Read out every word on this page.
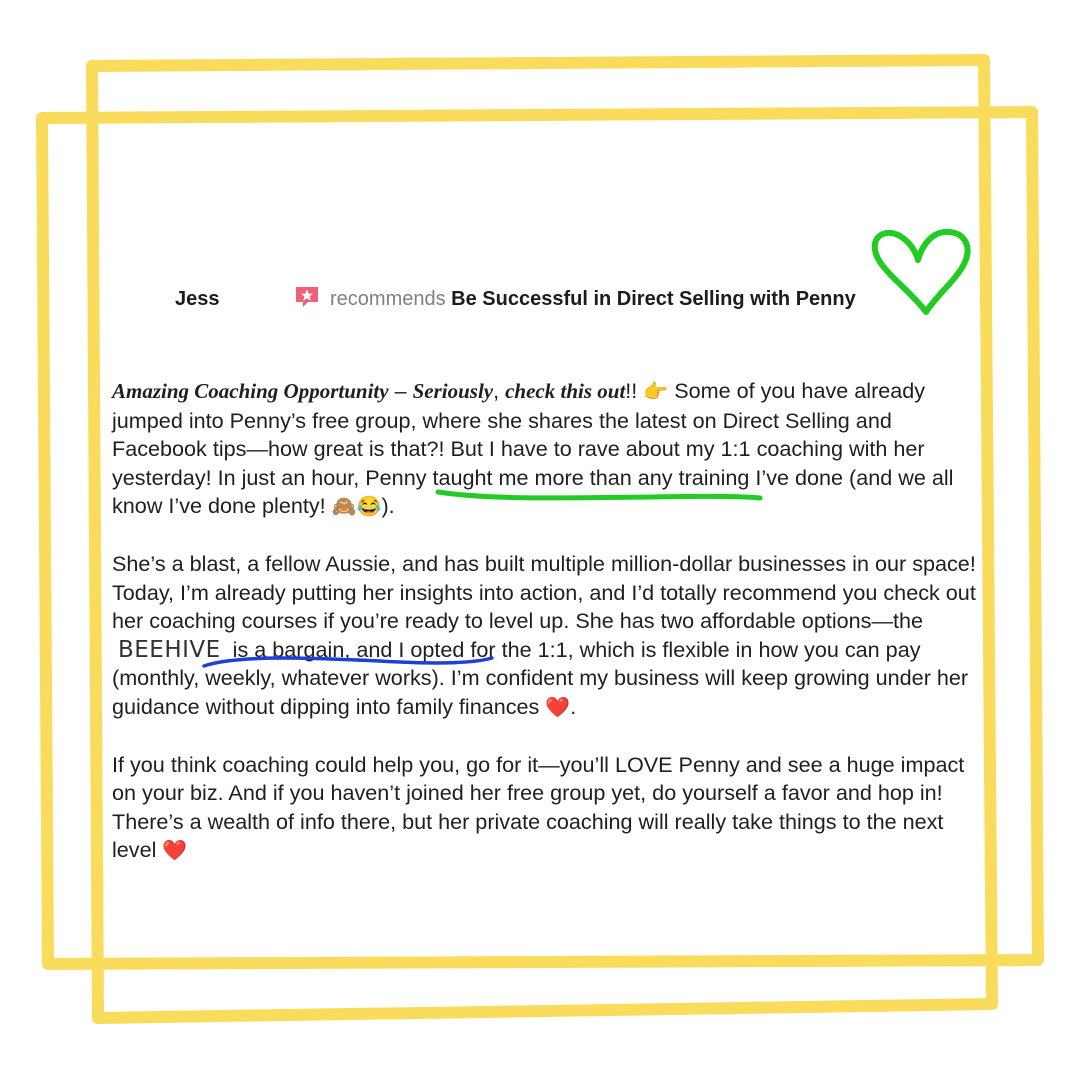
Jess	recommends Be Successful in Direct Selling with Penny

Amazing Coaching Opportunity – Seriously, check this out!! 👉 Some of you have already jumped into Penny’s free group, where she shares the latest on Direct Selling and Facebook tips—how great is that?! But I have to rave about my 1:1 coaching with her yesterday! In just an hour, Penny taught me more than any training I’ve done (and we all know I’ve done plenty! 🙈😂).

She’s a blast, a fellow Aussie, and has built multiple million-dollar businesses in our space! Today, I’m already putting her insights into action, and I’d totally recommend you check out her coaching courses if you’re ready to level up. She has two affordable options—the BEEHIVE is a bargain, and I opted for the 1:1, which is flexible in how you can pay (monthly, weekly, whatever works). I’m confident my business will keep growing under her guidance without dipping into family finances ❤️.

If you think coaching could help you, go for it—you’ll LOVE Penny and see a huge impact on your biz. And if you haven’t joined her free group yet, do yourself a favor and hop in! There’s a wealth of info there, but her private coaching will really take things to the next level ❤️
